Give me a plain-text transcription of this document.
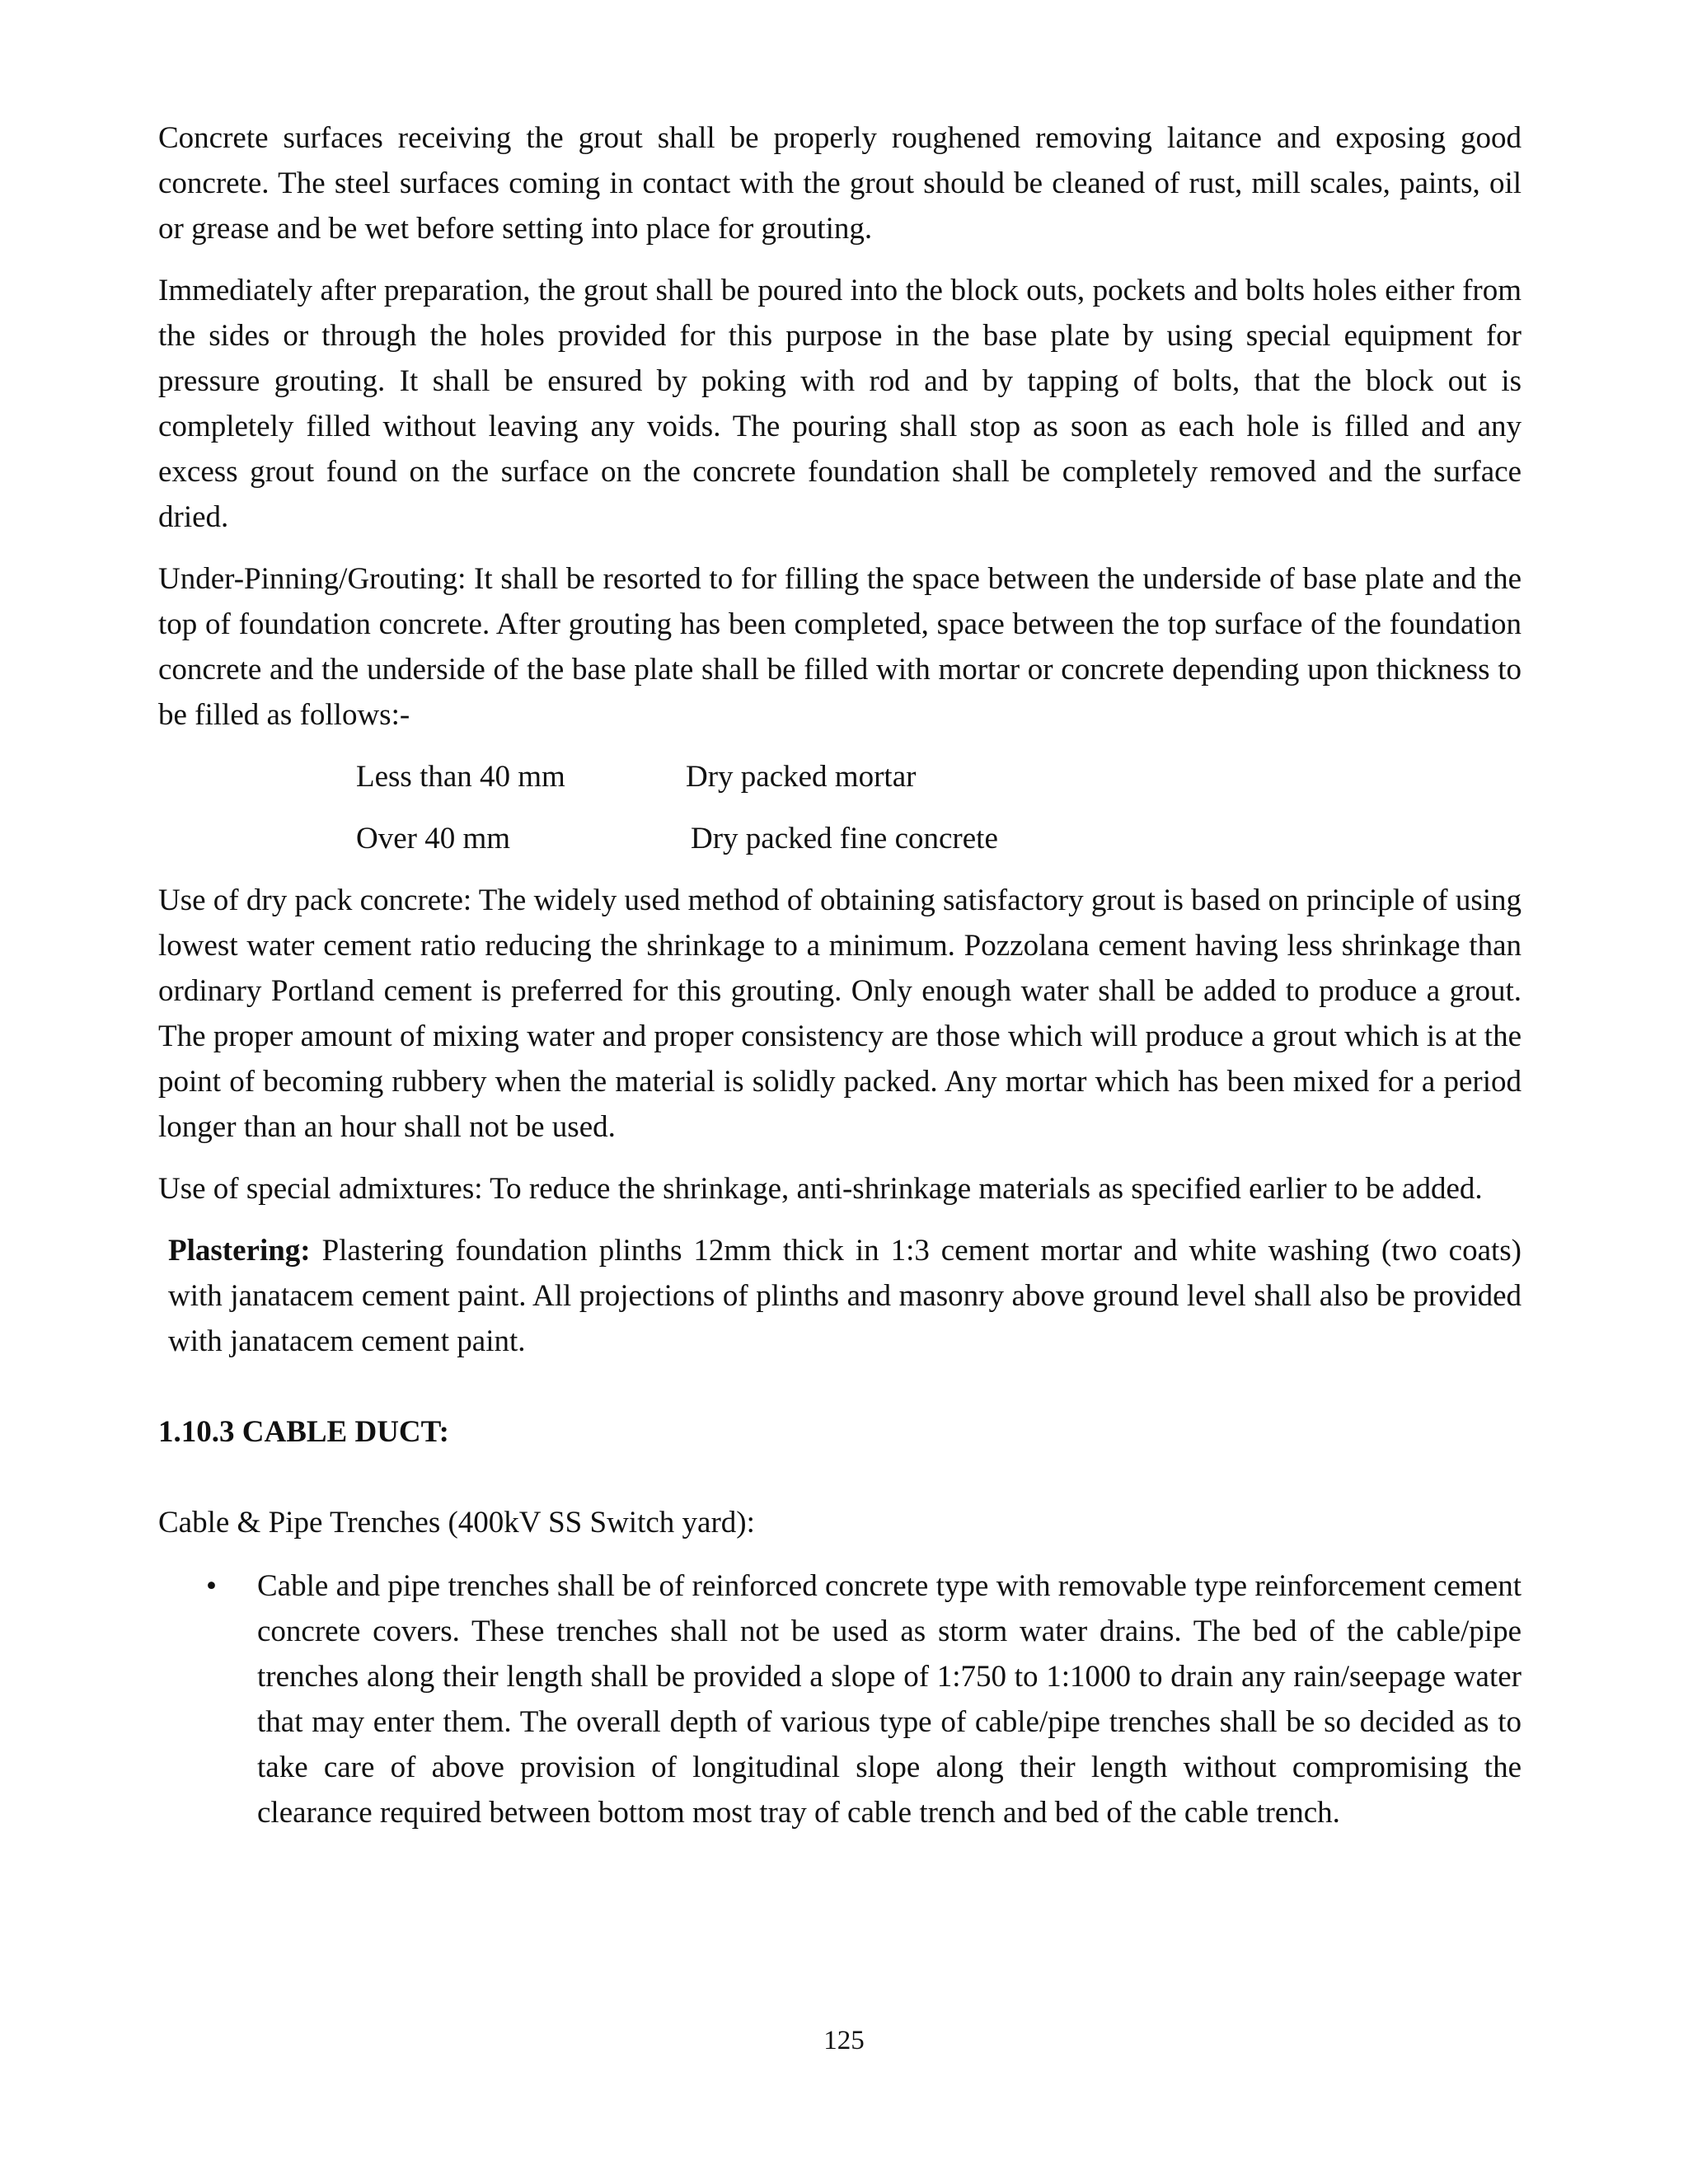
Concrete surfaces receiving the grout shall be properly roughened removing laitance and exposing good concrete. The steel surfaces coming in contact with the grout should be cleaned of rust, mill scales, paints, oil or grease and be wet before setting into place for grouting.

Immediately after preparation, the grout shall be poured into the block outs, pockets and bolts holes either from the sides or through the holes provided for this purpose in the base plate by using special equipment for pressure grouting. It shall be ensured by poking with rod and by tapping of bolts, that the block out is completely filled without leaving any voids. The pouring shall stop as soon as each hole is filled and any excess grout found on the surface on the concrete foundation shall be completely removed and the surface dried.

Under-Pinning/Grouting: It shall be resorted to for filling the space between the underside of base plate and the top of foundation concrete. After grouting has been completed, space between the top surface of the foundation concrete and the underside of the base plate shall be filled with mortar or concrete depending upon thickness to be filled as follows:-

Less than 40 mm	Dry packed mortar
Over 40 mm	Dry packed fine concrete

Use of dry pack concrete: The widely used method of obtaining satisfactory grout is based on principle of using lowest water cement ratio reducing the shrinkage to a minimum. Pozzolana cement having less shrinkage than ordinary Portland cement is preferred for this grouting. Only enough water shall be added to produce a grout. The proper amount of mixing water and proper consistency are those which will produce a grout which is at the point of becoming rubbery when the material is solidly packed. Any mortar which has been mixed for a period longer than an hour shall not be used.

Use of special admixtures: To reduce the shrinkage, anti-shrinkage materials as specified earlier to be added.

Plastering: Plastering foundation plinths 12mm thick in 1:3 cement mortar and white washing (two coats) with janatacem cement paint. All projections of plinths and masonry above ground level shall also be provided with janatacem cement paint.

1.10.3 CABLE DUCT:
Cable & Pipe Trenches (400kV SS Switch yard):
•	Cable and pipe trenches shall be of reinforced concrete type with removable type reinforcement cement concrete covers. These trenches shall not be used as storm water drains. The bed of the cable/pipe trenches along their length shall be provided a slope of 1:750 to 1:1000 to drain any rain/seepage water that may enter them. The overall depth of various type of cable/pipe trenches shall be so decided as to take care of above provision of longitudinal slope along their length without compromising the clearance required between bottom most tray of cable trench and bed of the cable trench.

125
